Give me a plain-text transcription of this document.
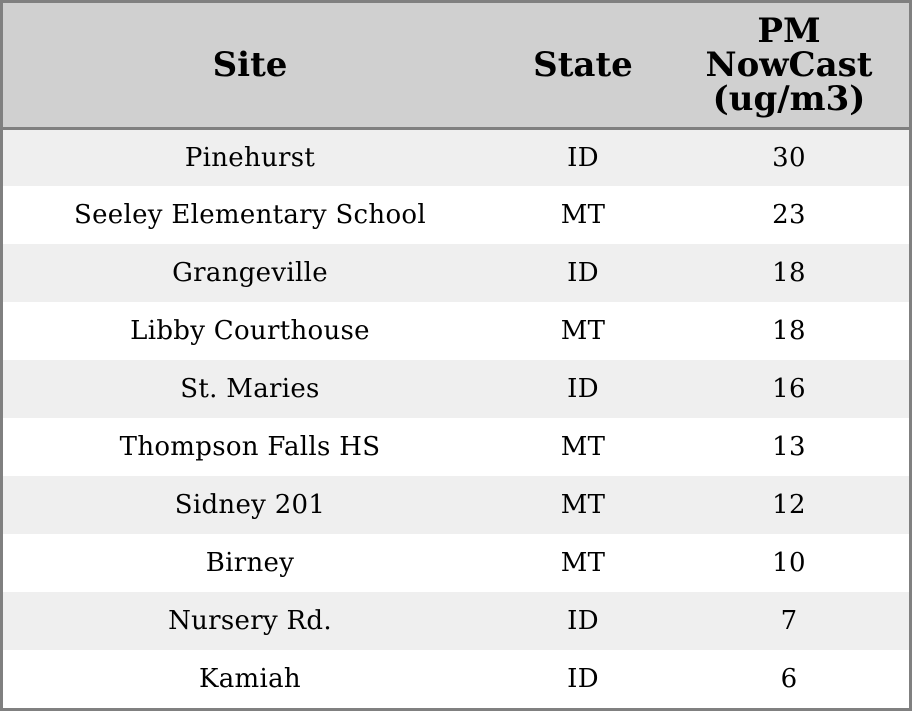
Site	State	PM
NowCast
(ug/m3)

Pinehurst	ID	30
Seeley Elementary School	MT	23
Grangeville	ID	18
Libby Courthouse	MT	18
St. Maries	ID	16
Thompson Falls HS	MT	13
Sidney 201	MT	12
Birney	MT	10
Nursery Rd.	ID	7
Kamiah	ID	6
